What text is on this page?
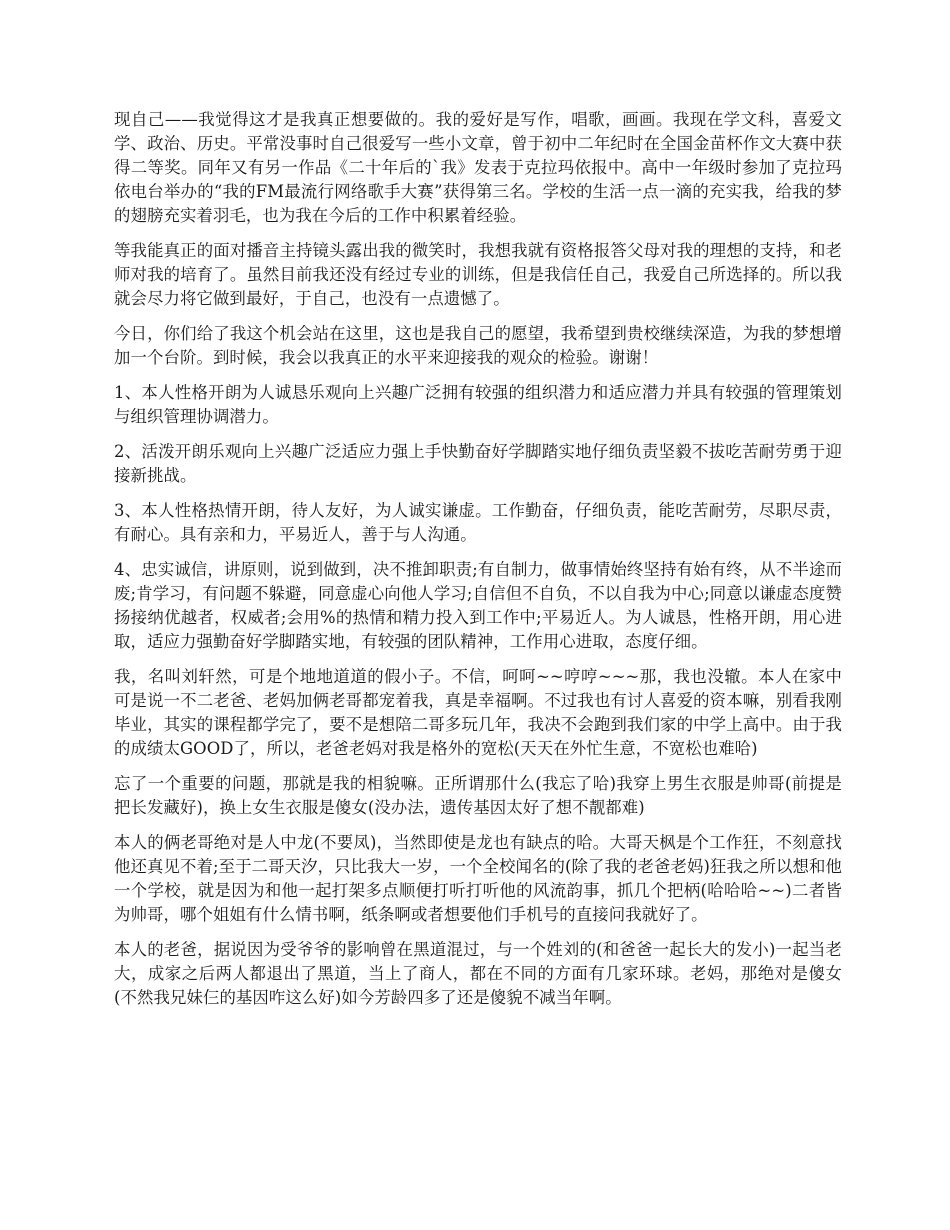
现自己——我觉得这才是我真正想要做的。我的爱好是写作，唱歌，画画。我现在学文科，喜爱文学、政治、历史。平常没事时自己很爱写一些小文章，曾于初中二年纪时在全国金苗杯作文大赛中获得二等奖。同年又有另一作品《二十年后的`我》发表于克拉玛依报中。高中一年级时参加了克拉玛依电台举办的“我的FM最流行网络歌手大赛”获得第三名。学校的生活一点一滴的充实我，给我的梦的翅膀充实着羽毛，也为我在今后的工作中积累着经验。

等我能真正的面对播音主持镜头露出我的微笑时，我想我就有资格报答父母对我的理想的支持，和老师对我的培育了。虽然目前我还没有经过专业的训练，但是我信任自己，我爱自己所选择的。所以我就会尽力将它做到最好，于自己，也没有一点遗憾了。

今日，你们给了我这个机会站在这里，这也是我自己的愿望，我希望到贵校继续深造，为我的梦想增加一个台阶。到时候，我会以我真正的水平来迎接我的观众的检验。谢谢！

1、本人性格开朗为人诚恳乐观向上兴趣广泛拥有较强的组织潜力和适应潜力并具有较强的管理策划与组织管理协调潜力。

2、活泼开朗乐观向上兴趣广泛适应力强上手快勤奋好学脚踏实地仔细负责坚毅不拔吃苦耐劳勇于迎接新挑战。

3、本人性格热情开朗，待人友好，为人诚实谦虚。工作勤奋，仔细负责，能吃苦耐劳，尽职尽责，有耐心。具有亲和力，平易近人，善于与人沟通。

4、忠实诚信，讲原则，说到做到，决不推卸职责;有自制力，做事情始终坚持有始有终，从不半途而废;肯学习，有问题不躲避，同意虚心向他人学习;自信但不自负，不以自我为中心;同意以谦虚态度赞扬接纳优越者，权威者;会用%的热情和精力投入到工作中;平易近人。为人诚恳，性格开朗，用心进取，适应力强勤奋好学脚踏实地，有较强的团队精神，工作用心进取，态度仔细。

我，名叫刘轩然，可是个地地道道的假小子。不信，呵呵~~哼哼~~~那，我也没辙。本人在家中可是说一不二老爸、老妈加俩老哥都宠着我，真是幸福啊。不过我也有讨人喜爱的资本嘛，别看我刚毕业，其实的课程都学完了，要不是想陪二哥多玩几年，我决不会跑到我们家的中学上高中。由于我的成绩太GOOD了，所以，老爸老妈对我是格外的宽松(天天在外忙生意，不宽松也难哈)

忘了一个重要的问题，那就是我的相貌嘛。正所谓那什么(我忘了哈)我穿上男生衣服是帅哥(前提是把长发藏好)，换上女生衣服是傻女(没办法，遗传基因太好了想不靓都难)

本人的俩老哥绝对是人中龙(不要凤)，当然即使是龙也有缺点的哈。大哥天枫是个工作狂，不刻意找他还真见不着;至于二哥天汐，只比我大一岁，一个全校闻名的(除了我的老爸老妈)狂我之所以想和他一个学校，就是因为和他一起打架多点顺便打听打听他的风流韵事，抓几个把柄(哈哈哈~~)二者皆为帅哥，哪个姐姐有什么情书啊，纸条啊或者想要他们手机号的直接问我就好了。

本人的老爸，据说因为受爷爷的影响曾在黑道混过，与一个姓刘的(和爸爸一起长大的发小)一起当老大，成家之后两人都退出了黑道，当上了商人，都在不同的方面有几家环球。老妈，那绝对是傻女(不然我兄妹仨的基因咋这么好)如今芳龄四多了还是傻貌不减当年啊。
